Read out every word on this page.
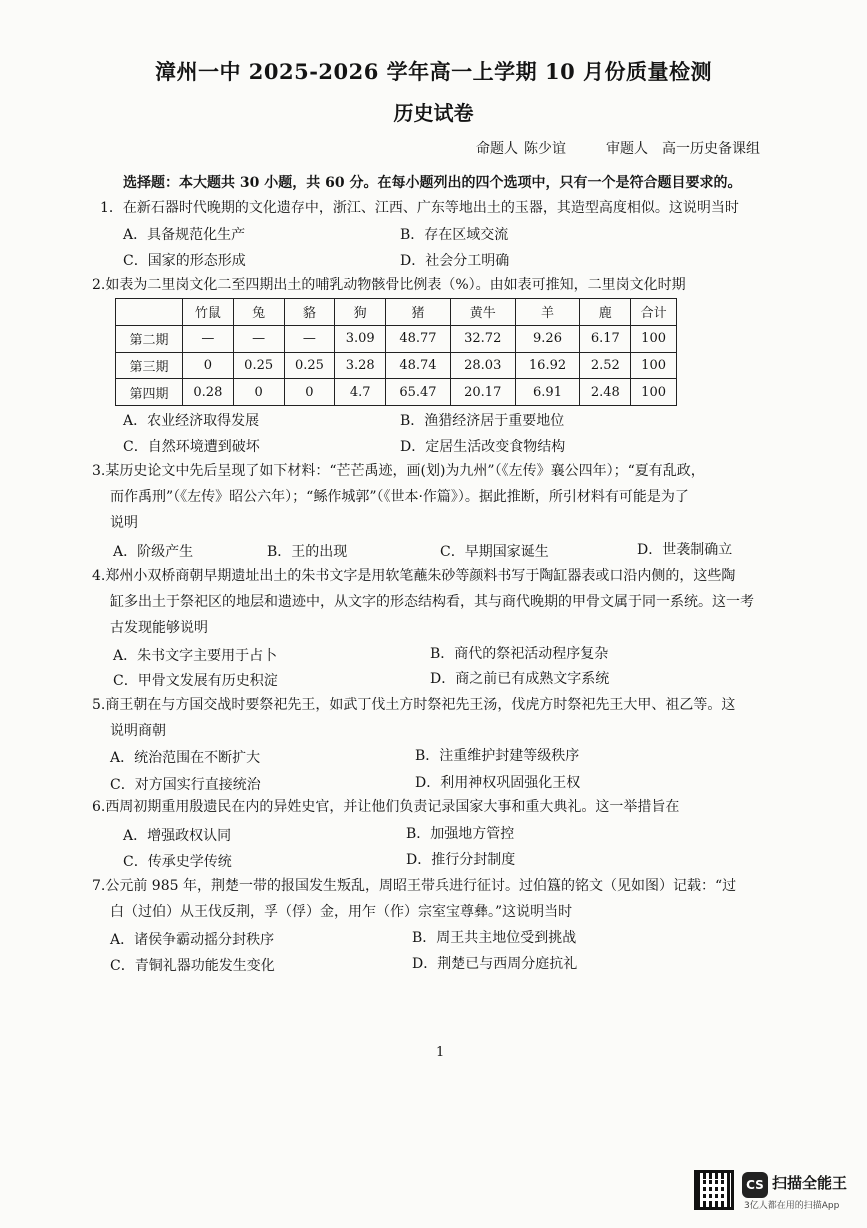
漳州一中 2025-2026 学年高一上学期 10 月份质量检测
历史试卷
命题人 陈少谊	审题人 高一历史备课组
选择题：本大题共 30 小题，共 60 分。在每小题列出的四个选项中，只有一个是符合题目要求的。
1．在新石器时代晚期的文化遗存中，浙江、江西、广东等地出土的玉器，其造型高度相似。这说明当时
A．具备规范化生产	B．存在区域交流
C．国家的形态形成	D．社会分工明确
2.如表为二里岗文化二至四期出土的哺乳动物骸骨比例表（%）。由如表可推知，二里岗文化时期
	竹鼠	兔	貉	狗	猪	黄牛	羊	鹿	合计
第二期	—	—	—	3.09	48.77	32.72	9.26	6.17	100
第三期	0	0.25	0.25	3.28	48.74	28.03	16.92	2.52	100
第四期	0.28	0	0	4.7	65.47	20.17	6.91	2.48	100
A．农业经济取得发展	B．渔猎经济居于重要地位
C．自然环境遭到破坏	D．定居生活改变食物结构
3.某历史论文中先后呈现了如下材料：“芒芒禹迹，画(划)为九州”（《左传》襄公四年）；“夏有乱政，
而作禹刑”（《左传》昭公六年）；“鲧作城郭”（《世本·作篇》）。据此推断，所引材料有可能是为了
说明
A．阶级产生	B．王的出现	C．早期国家诞生	D．世袭制确立
4.郑州小双桥商朝早期遗址出土的朱书文字是用软笔蘸朱砂等颜料书写于陶缸器表或口沿内侧的，这些陶
缸多出土于祭祀区的地层和遗迹中，从文字的形态结构看，其与商代晚期的甲骨文属于同一系统。这一考
古发现能够说明
A．朱书文字主要用于占卜	B．商代的祭祀活动程序复杂
C．甲骨文发展有历史积淀	D．商之前已有成熟文字系统
5.商王朝在与方国交战时要祭祀先王，如武丁伐土方时祭祀先王汤，伐虎方时祭祀先王大甲、祖乙等。这
说明商朝
A．统治范围在不断扩大	B．注重维护封建等级秩序
C．对方国实行直接统治	D．利用神权巩固强化王权
6.西周初期重用殷遗民在内的异姓史官，并让他们负责记录国家大事和重大典礼。这一举措旨在
A．增强政权认同	B．加强地方管控
C．传承史学传统	D．推行分封制度
7.公元前 985 年，荆楚一带的报国发生叛乱，周昭王带兵进行征讨。过伯簋的铭文（见如图）记载：“过
白（过伯）从王伐反荆，孚（俘）金，用乍（作）宗室宝尊彝。”这说明当时
A．诸侯争霸动摇分封秩序	B．周王共主地位受到挑战
C．青铜礼器功能发生变化	D．荆楚已与西周分庭抗礼
1
CS 扫描全能王
3亿人都在用的扫描App
